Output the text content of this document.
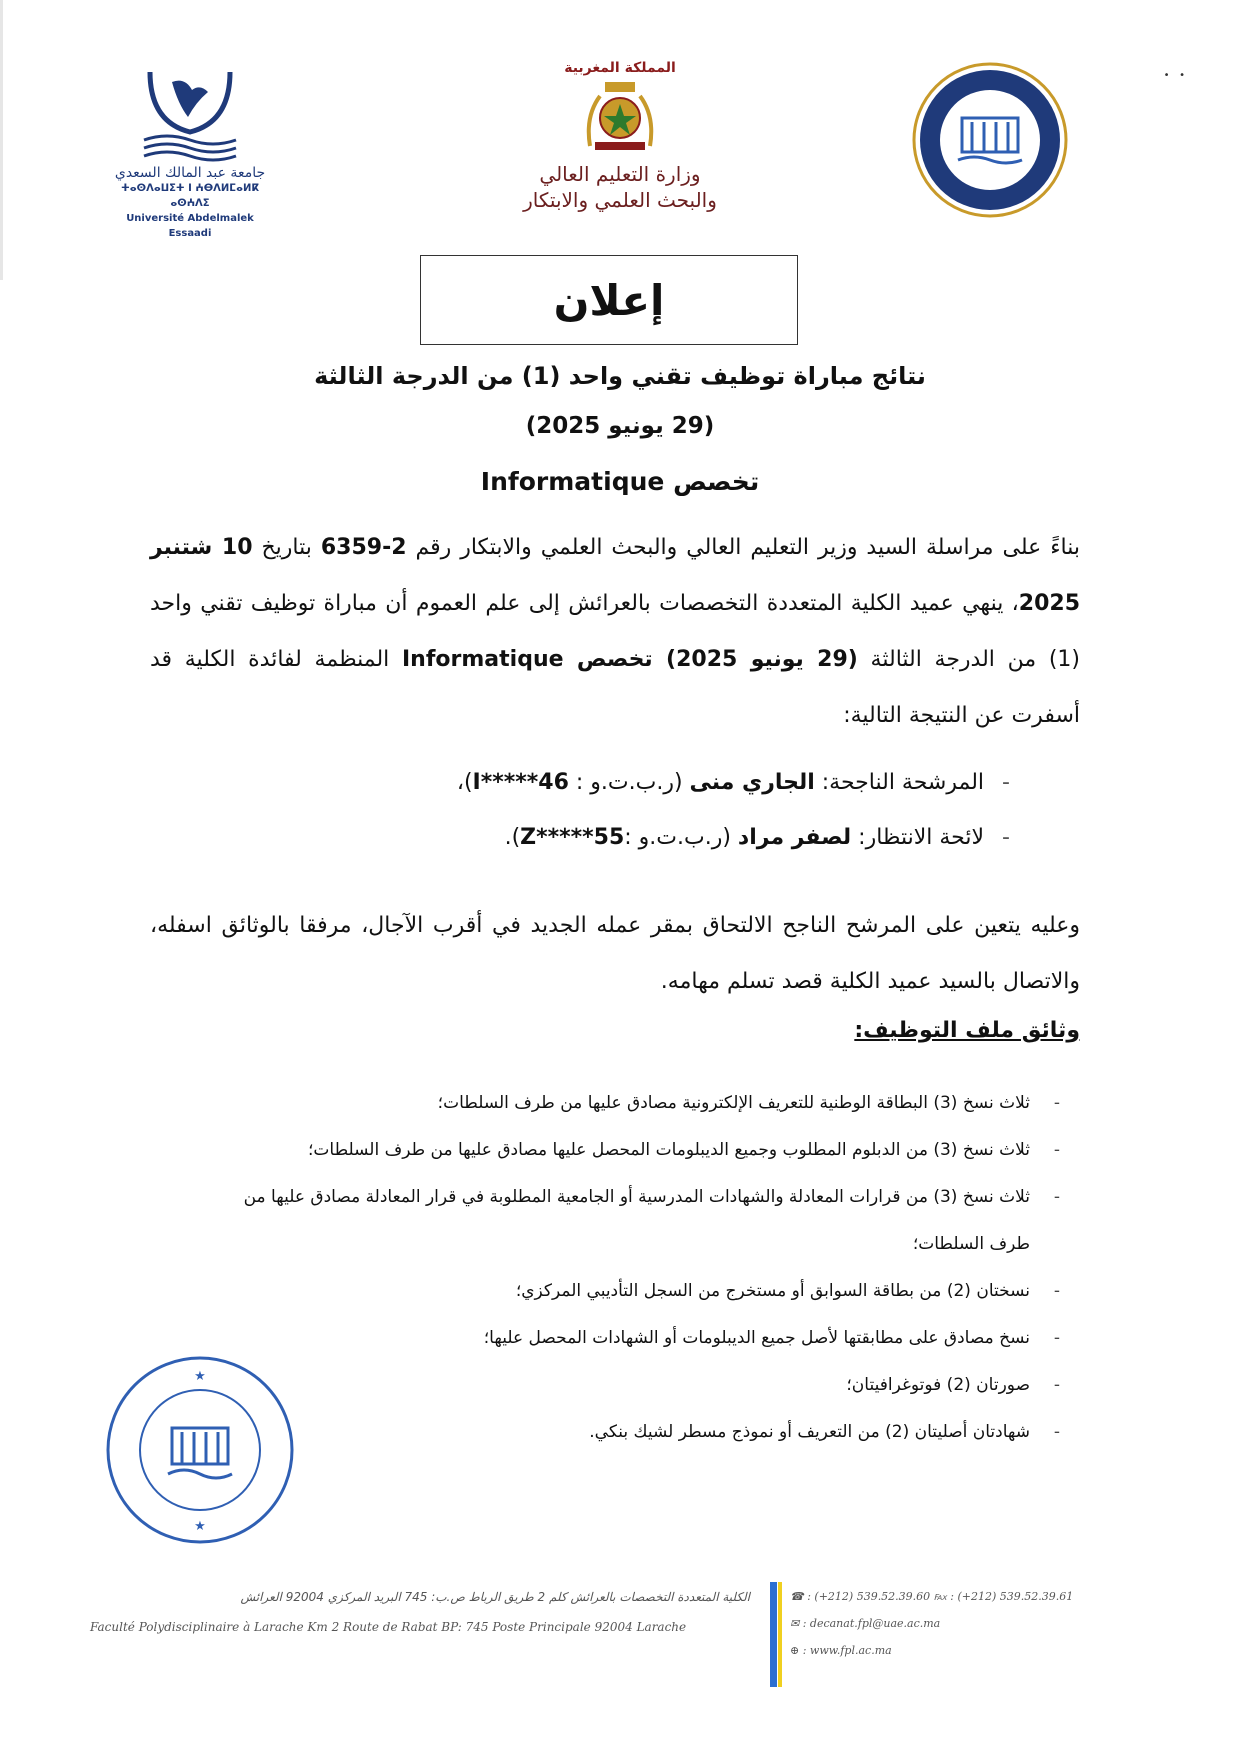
جامعة عبد المالك السعدي
ⵜⴰⵙⴷⴰⵡⵉⵜ ⵏ ⵄⴱⴷⵍⵎⴰⵍⴽ ⴰⵙⵄⴷⵉ
Université Abdelmalek Essaadi
المملكة المغربية
وزارة التعليم العالي
والبحث العلمي والابتكار
•   •
إعلان
نتائج مباراة توظيف تقني واحد (1) من الدرجة الثالثة
(29 يونيو 2025)
تخصص Informatique
بناءً على مراسلة السيد وزير التعليم العالي والبحث العلمي والابتكار رقم 2-6359 بتاريخ 10 شتنبر 2025، ينهي عميد الكلية المتعددة التخصصات بالعرائش إلى علم العموم أن مباراة توظيف تقني واحد (1) من الدرجة الثالثة (29 يونيو 2025) تخصص Informatique المنظمة لفائدة الكلية قد أسفرت عن النتيجة التالية:
-المرشحة الناجحة: الجاري منى (ر.ب.ت.و : 46*****I)،
-لائحة الانتظار: لصفر مراد (ر.ب.ت.و :55*****Z).
وعليه يتعين على المرشح الناجح الالتحاق بمقر عمله الجديد في أقرب الآجال، مرفقا بالوثائق اسفله، والاتصال بالسيد عميد الكلية قصد تسلم مهامه.
وثائق ملف التوظيف:
- ثلاث نسخ (3) البطاقة الوطنية للتعريف الإلكترونية مصادق عليها من طرف السلطات؛
- ثلاث نسخ (3) من الدبلوم المطلوب وجميع الديبلومات المحصل عليها مصادق عليها من طرف السلطات؛
- ثلاث نسخ (3) من قرارات المعادلة والشهادات المدرسية أو الجامعية المطلوبة في قرار المعادلة مصادق عليها من طرف السلطات؛
- نسختان (2) من بطاقة السوابق أو مستخرج من السجل التأديبي المركزي؛
- نسخ مصادق على مطابقتها لأصل جميع الديبلومات أو الشهادات المحصل عليها؛
- صورتان (2) فوتوغرافيتان؛
- شهادتان أصليتان (2) من التعريف أو نموذج مسطر لشيك بنكي.
★
★
الكلية المتعددة التخصصات بالعرائش كلم 2 طريق الرباط ص.ب: 745 البريد المركزي 92004 العرائش
Faculté Polydisciplinaire à Larache Km 2 Route de Rabat BP: 745 Poste Principale 92004 Larache
☎ : (+212) 539.52.39.60 ℻ : (+212) 539.52.39.61
✉ : decanat.fpl@uae.ac.ma
⊕ : www.fpl.ac.ma
